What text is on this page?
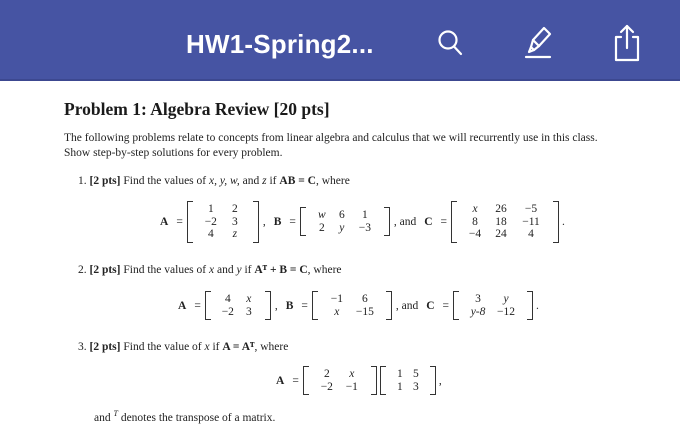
HW1-Spring2...
Problem 1: Algebra Review [20 pts]
The following problems relate to concepts from linear algebra and calculus that we will recurrently use in this class. Show step-by-step solutions for every problem.
1. [2 pts] Find the values of x, y, w, and z if AB = C, where
A =
1	2
−2	3
4	z
, B =
w	6	1
2	y	−3	, and C =
x	26	−5
8	18	−11
−4	24	4
.
2. [2 pts] Find the values of x and y if Aᵀ + B = C, where
A =
4	x
−2	3	, B =
−1	6
x	−15	, and C =
3	y
y-8	−12	.
3. [2 pts] Find the value of x if A = Aᵀ, where
A =
2	x
−2	−1
1 5
1 3	,
and $^T$ denotes the transpose of a matrix.
